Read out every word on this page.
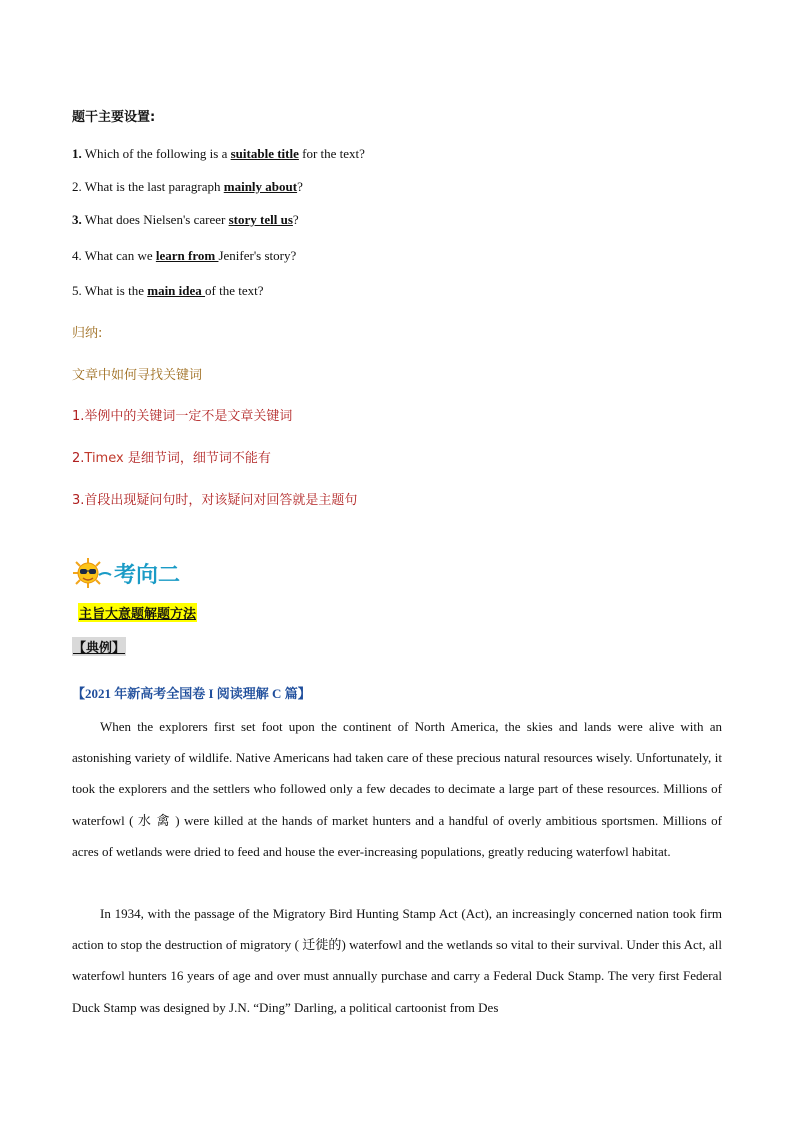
题干主要设置:
1. Which of the following is a suitable title for the text?
2. What is the last paragraph mainly about?
3. What does Nielsen's career story tell us?
4. What can we learn from Jenifer's story?
5. What is the main idea of the text?
归纳:
文章中如何寻找关键词
1.举例中的关键词一定不是文章关键词
2.Timex 是细节词，细节词不能有
3.首段出现疑问句时，对该疑问对回答就是主题句
考向二
主旨大意题解题方法
【典例】
【2021 年新高考全国卷 I 阅读理解 C 篇】
When the explorers first set foot upon the continent of North America, the skies and lands were alive with an astonishing variety of wildlife. Native Americans had taken care of these precious natural resources wisely. Unfortunately, it took the explorers and the settlers who followed only a few decades to decimate a large part of these resources. Millions of waterfowl ( 水 禽 ) were killed at the hands of market hunters and a handful of overly ambitious sportsmen. Millions of acres of wetlands were dried to feed and house the ever-increasing populations, greatly reducing waterfowl habitat.
In 1934, with the passage of the Migratory Bird Hunting Stamp Act (Act), an increasingly concerned nation took firm action to stop the destruction of migratory ( 迁徙的) waterfowl and the wetlands so vital to their survival. Under this Act, all waterfowl hunters 16 years of age and over must annually purchase and carry a Federal Duck Stamp. The very first Federal Duck Stamp was designed by J.N. “Ding” Darling, a political cartoonist from Des
